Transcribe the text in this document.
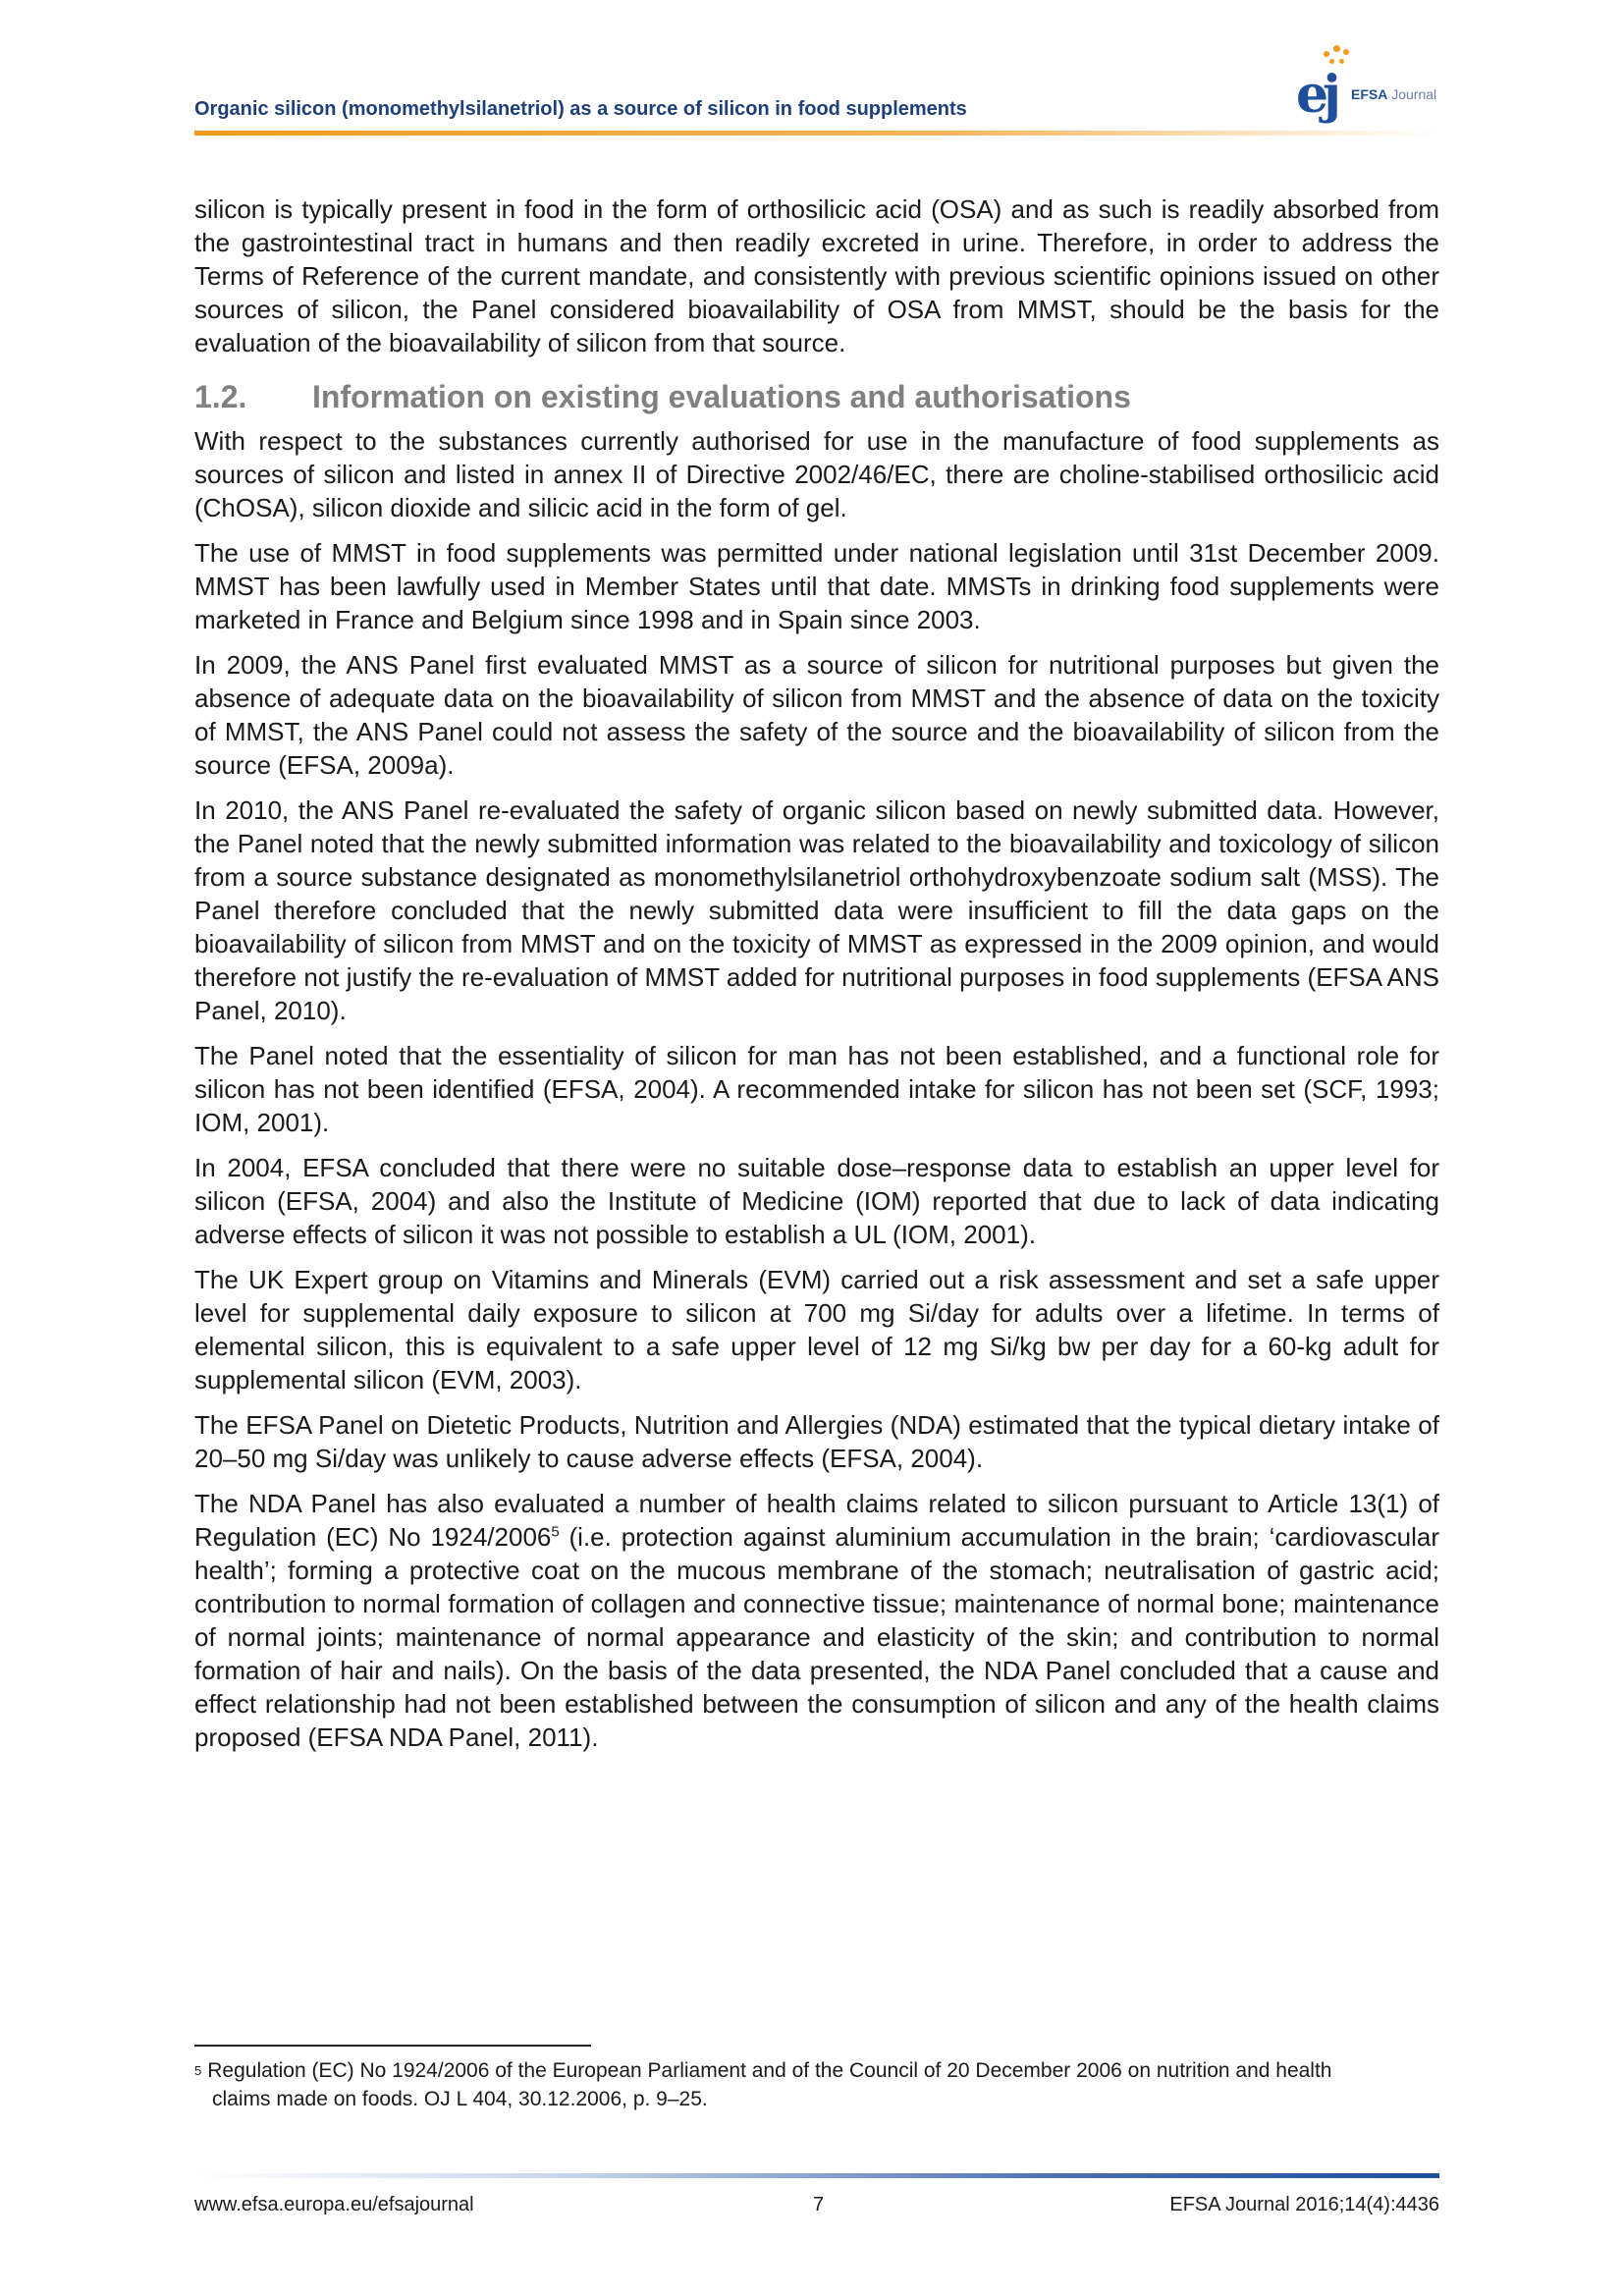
Organic silicon (monomethylsilanetriol) as a source of silicon in food supplements	ej EFSA Journal

silicon is typically present in food in the form of orthosilicic acid (OSA) and as such is readily absorbed from the gastrointestinal tract in humans and then readily excreted in urine. Therefore, in order to address the Terms of Reference of the current mandate, and consistently with previous scientific opinions issued on other sources of silicon, the Panel considered bioavailability of OSA from MMST, should be the basis for the evaluation of the bioavailability of silicon from that source.

1.2. Information on existing evaluations and authorisations

With respect to the substances currently authorised for use in the manufacture of food supplements as sources of silicon and listed in annex II of Directive 2002/46/EC, there are choline-stabilised orthosilicic acid (ChOSA), silicon dioxide and silicic acid in the form of gel.

The use of MMST in food supplements was permitted under national legislation until 31st December 2009. MMST has been lawfully used in Member States until that date. MMSTs in drinking food supplements were marketed in France and Belgium since 1998 and in Spain since 2003.

In 2009, the ANS Panel first evaluated MMST as a source of silicon for nutritional purposes but given the absence of adequate data on the bioavailability of silicon from MMST and the absence of data on the toxicity of MMST, the ANS Panel could not assess the safety of the source and the bioavailability of silicon from the source (EFSA, 2009a).

In 2010, the ANS Panel re-evaluated the safety of organic silicon based on newly submitted data. However, the Panel noted that the newly submitted information was related to the bioavailability and toxicology of silicon from a source substance designated as monomethylsilanetriol orthohydroxybenzoate sodium salt (MSS). The Panel therefore concluded that the newly submitted data were insufficient to fill the data gaps on the bioavailability of silicon from MMST and on the toxicity of MMST as expressed in the 2009 opinion, and would therefore not justify the re-evaluation of MMST added for nutritional purposes in food supplements (EFSA ANS Panel, 2010).

The Panel noted that the essentiality of silicon for man has not been established, and a functional role for silicon has not been identified (EFSA, 2004). A recommended intake for silicon has not been set (SCF, 1993; IOM, 2001).

In 2004, EFSA concluded that there were no suitable dose–response data to establish an upper level for silicon (EFSA, 2004) and also the Institute of Medicine (IOM) reported that due to lack of data indicating adverse effects of silicon it was not possible to establish a UL (IOM, 2001).

The UK Expert group on Vitamins and Minerals (EVM) carried out a risk assessment and set a safe upper level for supplemental daily exposure to silicon at 700 mg Si/day for adults over a lifetime. In terms of elemental silicon, this is equivalent to a safe upper level of 12 mg Si/kg bw per day for a 60-kg adult for supplemental silicon (EVM, 2003).

The EFSA Panel on Dietetic Products, Nutrition and Allergies (NDA) estimated that the typical dietary intake of 20–50 mg Si/day was unlikely to cause adverse effects (EFSA, 2004).

The NDA Panel has also evaluated a number of health claims related to silicon pursuant to Article 13(1) of Regulation (EC) No 1924/2006$^5$ (i.e. protection against aluminium accumulation in the brain; ‘cardiovascular health’; forming a protective coat on the mucous membrane of the stomach; neutralisation of gastric acid; contribution to normal formation of collagen and connective tissue; maintenance of normal bone; maintenance of normal joints; maintenance of normal appearance and elasticity of the skin; and contribution to normal formation of hair and nails). On the basis of the data presented, the NDA Panel concluded that a cause and effect relationship had not been established between the consumption of silicon and any of the health claims proposed (EFSA NDA Panel, 2011).

$^5$ Regulation (EC) No 1924/2006 of the European Parliament and of the Council of 20 December 2006 on nutrition and health
claims made on foods. OJ L 404, 30.12.2006, p. 9–25.
www.efsa.europa.eu/efsajournal	7	EFSA Journal 2016;14(4):4436
